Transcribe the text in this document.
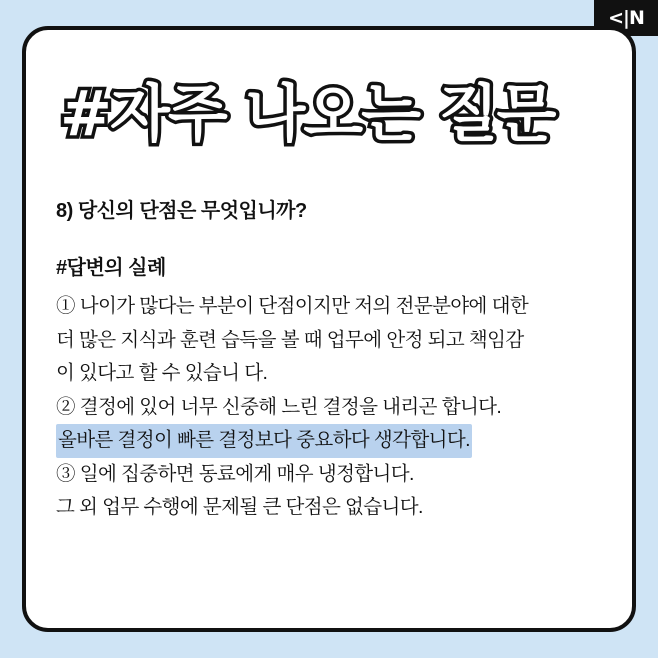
<|N
#자주 나오는 질문
8) 당신의 단점은 무엇입니까?
#답변의 실례
① 나이가 많다는 부분이 단점이지만 저의 전문분야에 대한
더 많은 지식과 훈련 습득을 볼 때 업무에 안정 되고 책임감
이 있다고 할 수 있습니 다.
② 결정에 있어 너무 신중해 느린 결정을 내리곤 합니다.
올바른 결정이 빠른 결정보다 중요하다 생각합니다.
③ 일에 집중하면 동료에게 매우 냉정합니다.
그 외 업무 수행에 문제될 큰 단점은 없습니다.
